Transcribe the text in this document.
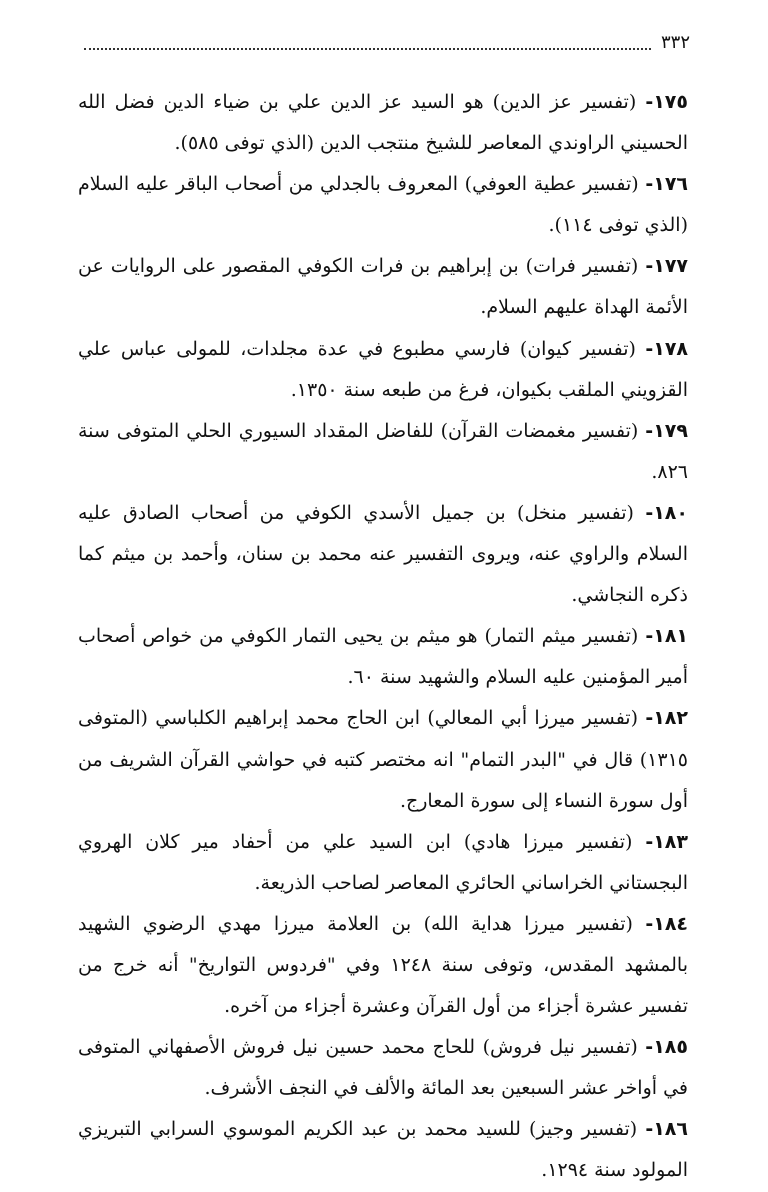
٣٣٢

١٧٥- (تفسير عز الدين) هو السيد عز الدين علي بن ضياء الدين فضل الله الحسيني الراوندي المعاصر للشيخ منتجب الدين (الذي توفى ٥٨٥).

١٧٦- (تفسير عطية العوفي) المعروف بالجدلي من أصحاب الباقر عليه السلام (الذي توفى ١١٤).

١٧٧- (تفسير فرات) بن إبراهيم بن فرات الكوفي المقصور على الروايات عن الأئمة الهداة عليهم السلام.

١٧٨- (تفسير كيوان) فارسي مطبوع في عدة مجلدات، للمولى عباس علي القزويني الملقب بكيوان، فرغ من طبعه سنة ١٣٥٠.

١٧٩- (تفسير مغمضات القرآن) للفاضل المقداد السيوري الحلي المتوفى سنة ٨٢٦.

١٨٠- (تفسير منخل) بن جميل الأسدي الكوفي من أصحاب الصادق عليه السلام والراوي عنه، ويروى التفسير عنه محمد بن سنان، وأحمد بن ميثم كما ذكره النجاشي.

١٨١- (تفسير ميثم التمار) هو ميثم بن يحيى التمار الكوفي من خواص أصحاب أمير المؤمنين عليه السلام والشهيد سنة ٦٠.

١٨٢- (تفسير ميرزا أبي المعالي) ابن الحاج محمد إبراهيم الكلباسي (المتوفى ١٣١٥) قال في "البدر التمام" انه مختصر كتبه في حواشي القرآن الشريف من أول سورة النساء إلى سورة المعارج.

١٨٣- (تفسير ميرزا هادي) ابن السيد علي من أحفاد مير كلان الهروي البجستاني الخراساني الحائري المعاصر لصاحب الذريعة.

١٨٤- (تفسير ميرزا هداية الله) بن العلامة ميرزا مهدي الرضوي الشهيد بالمشهد المقدس، وتوفى سنة ١٢٤٨ وفي "فردوس التواريخ" أنه خرج من تفسير عشرة أجزاء من أول القرآن وعشرة أجزاء من آخره.

١٨٥- (تفسير نيل فروش) للحاج محمد حسين نيل فروش الأصفهاني المتوفى في أواخر عشر السبعين بعد المائة والألف في النجف الأشرف.

١٨٦- (تفسير وجيز) للسيد محمد بن عبد الكريم الموسوي السرابي التبريزي المولود سنة ١٢٩٤.
